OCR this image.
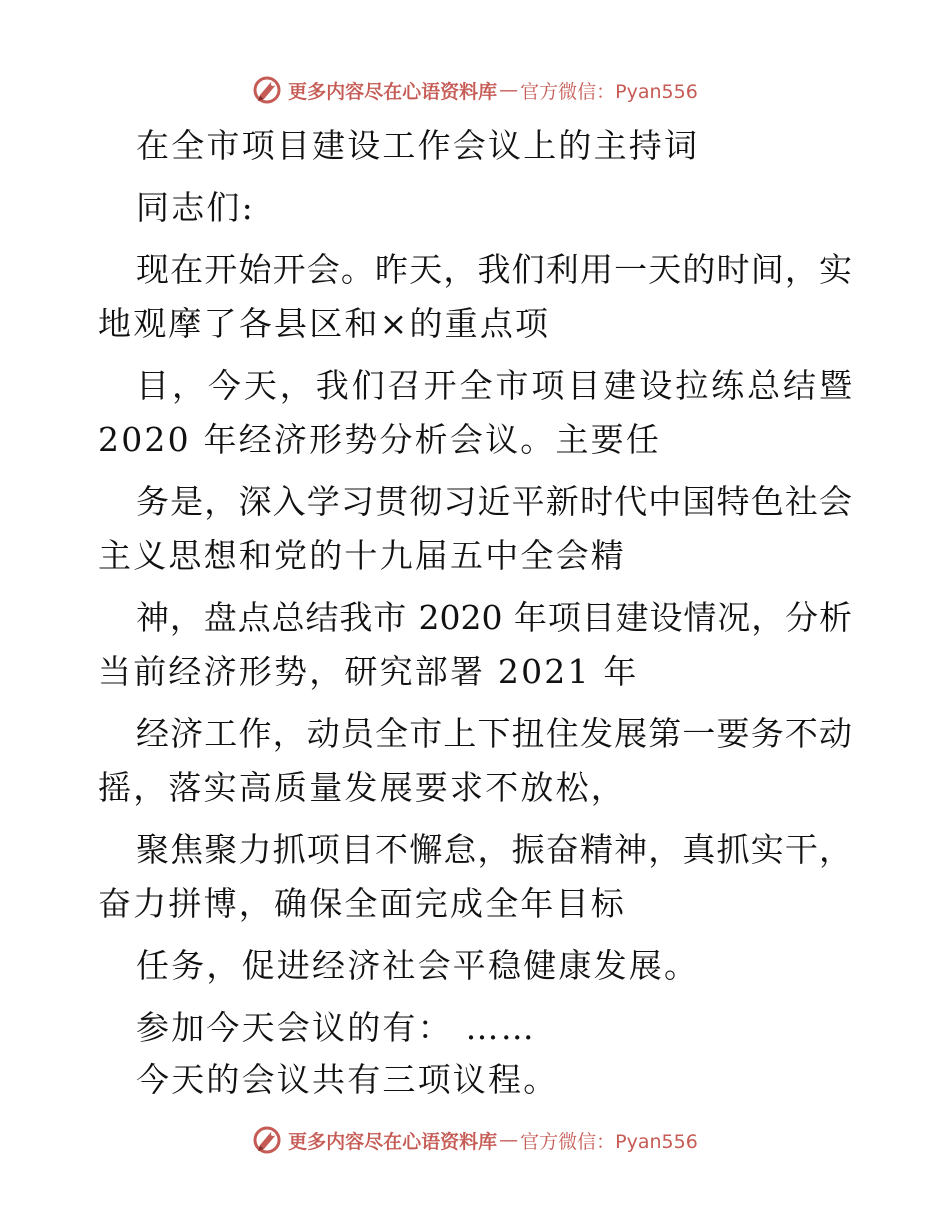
更多内容尽在心语资料库 — 官方微信：Pyan556
在全市项目建设工作会议上的主持词
同志们:
现在开始开会。昨天，我们利用一天的时间，实
地观摩了各县区和×的重点项
目，今天，我们召开全市项目建设拉练总结暨
2020 年经济形势分析会议。主要任
务是，深入学习贯彻习近平新时代中国特色社会
主义思想和党的十九届五中全会精
神，盘点总结我市 2020 年项目建设情况，分析
当前经济形势，研究部署 2021 年
经济工作，动员全市上下扭住发展第一要务不动
摇，落实高质量发展要求不放松，
聚焦聚力抓项目不懈怠，振奋精神，真抓实干，
奋力拼博，确保全面完成全年目标
任务，促进经济社会平稳健康发展。
参加今天会议的有： ……
今天的会议共有三项议程。
更多内容尽在心语资料库 — 官方微信：Pyan556
